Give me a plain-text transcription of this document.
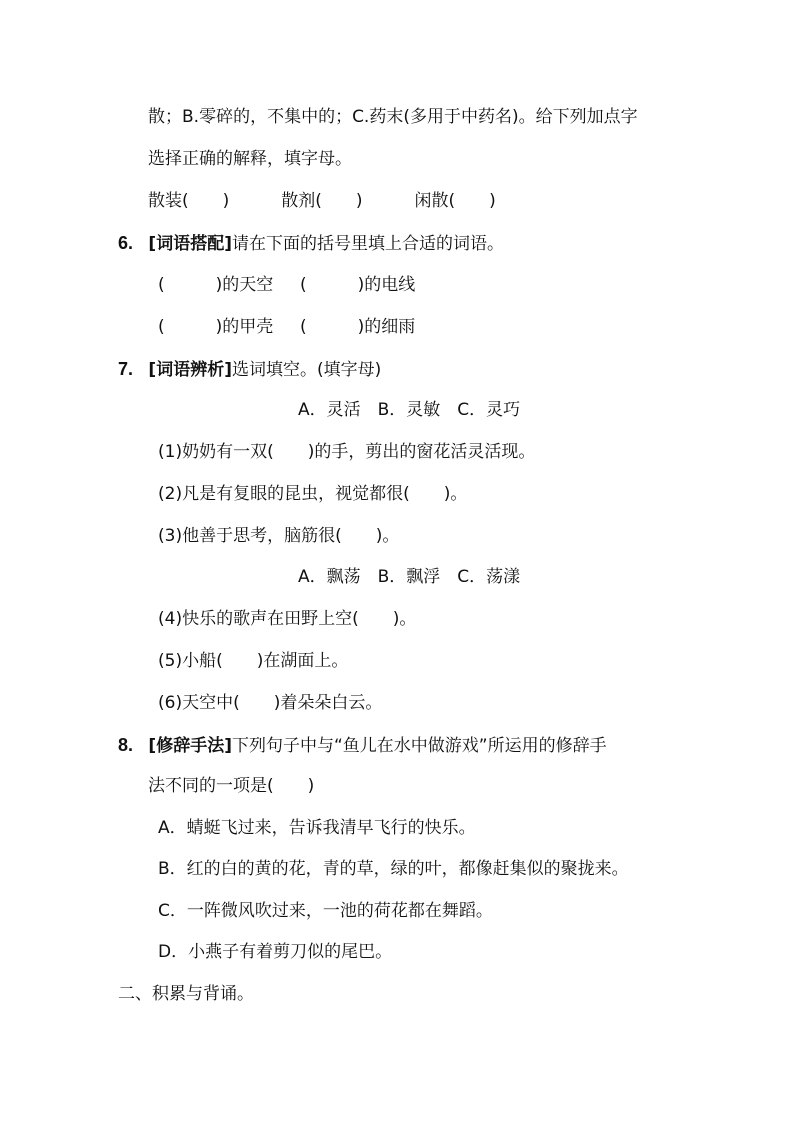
散；B.零碎的，不集中的；C.药末(多用于中药名)。给下列加点字
选择正确的解释，填字母。
散装(　　)	散剂(　　)	闲散(　　)
6. [词语搭配]请在下面的括号里填上合适的词语。
(　　　)的天空 (　　　)的电线
(　　　)的甲壳 (　　　)的细雨
7. [词语辨析]选词填空。(填字母)
A．灵活　B．灵敏　C．灵巧
(1)奶奶有一双(　　)的手，剪出的窗花活灵活现。
(2)凡是有复眼的昆虫，视觉都很(　　)。
(3)他善于思考，脑筋很(　　)。
A．飘荡　B．飘浮　C．荡漾
(4)快乐的歌声在田野上空(　　)。
(5)小船(　　)在湖面上。
(6)天空中(　　)着朵朵白云。
8. [修辞手法]下列句子中与“鱼儿在水中做游戏”所运用的修辞手
法不同的一项是(　　)
A．蜻蜓飞过来，告诉我清早飞行的快乐。
B．红的白的黄的花，青的草，绿的叶，都像赶集似的聚拢来。
C．一阵微风吹过来，一池的荷花都在舞蹈。
D．小燕子有着剪刀似的尾巴。
二、积累与背诵。
